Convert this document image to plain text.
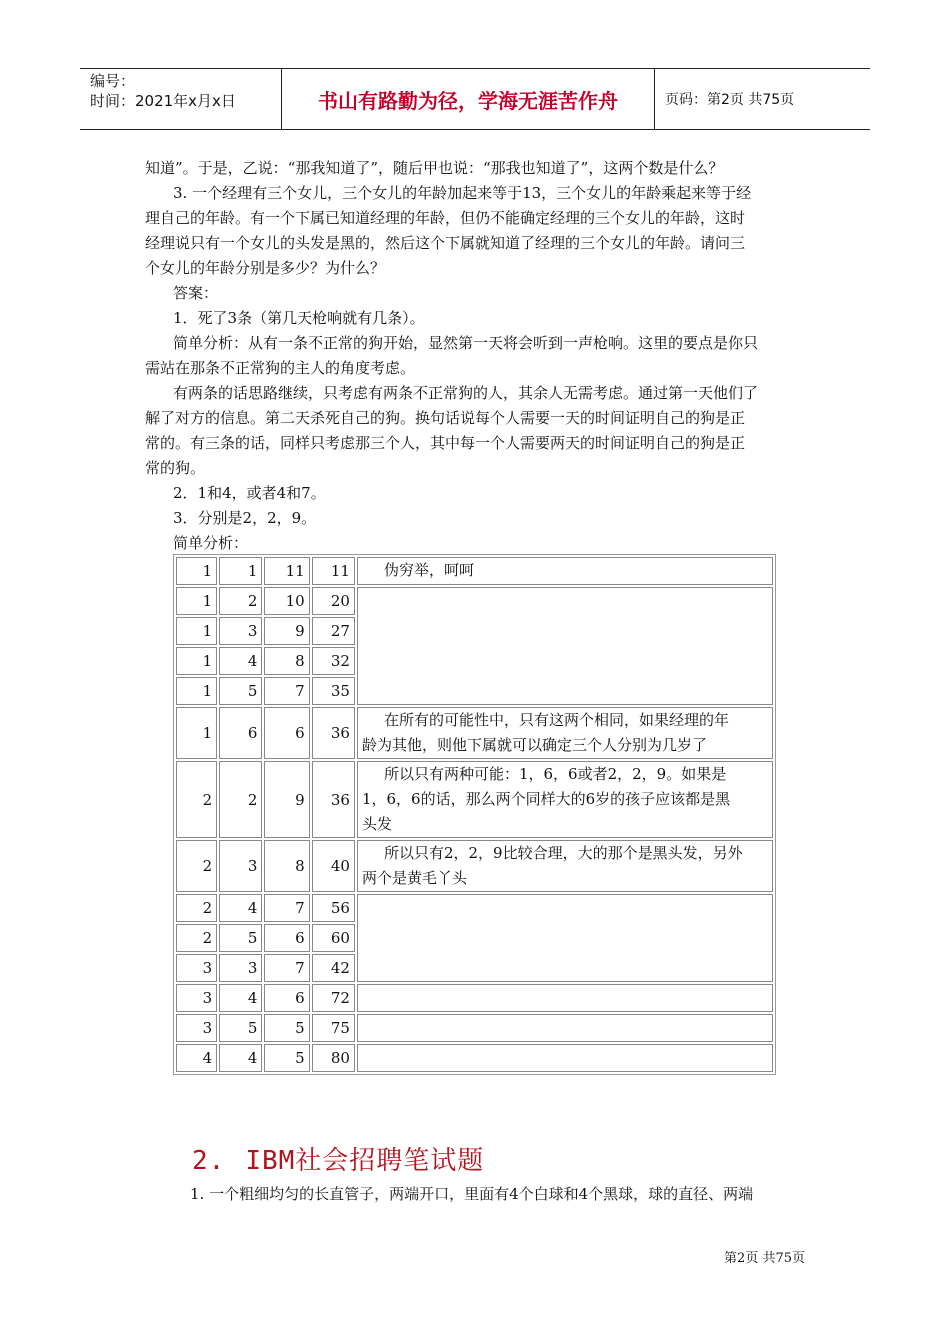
编号：
时间：2021年x月x日	书山有路勤为径，学海无涯苦作舟	页码：第2页 共75页
知道”。于是，乙说：“那我知道了”，随后甲也说：“那我也知道了”，这两个数是什么？
3. 一个经理有三个女儿，三个女儿的年龄加起来等于13，三个女儿的年龄乘起来等于经
理自己的年龄。有一个下属已知道经理的年龄，但仍不能确定经理的三个女儿的年龄，这时
经理说只有一个女儿的头发是黑的，然后这个下属就知道了经理的三个女儿的年龄。请问三
个女儿的年龄分别是多少？为什么？
答案：
1．死了3条（第几天枪响就有几条）。
简单分析：从有一条不正常的狗开始，显然第一天将会听到一声枪响。这里的要点是你只
需站在那条不正常狗的主人的角度考虑。
有两条的话思路继续，只考虑有两条不正常狗的人，其余人无需考虑。通过第一天他们了
解了对方的信息。第二天杀死自己的狗。换句话说每个人需要一天的时间证明自己的狗是正
常的。有三条的话，同样只考虑那三个人，其中每一个人需要两天的时间证明自己的狗是正
常的狗。
2．1和4，或者4和7。
3．分别是2，2，9。
简单分析：
1	1	11	11	伪穷举，呵呵

1	2	10	20	
1	3	9	27	
1	4	8	32	
1	5	7	35	
1	6	6	36	在所有的可能性中，只有这两个相同，如果经理的年
龄为其他，则他下属就可以确定三个人分别为几岁了
2	2	9	36	所以只有两种可能：1，6，6或者2，2，9。如果是
1，6，6的话，那么两个同样大的6岁的孩子应该都是黑
头发
2	3	8	40	所以只有2，2，9比较合理，大的那个是黑头发，另外
两个是黄毛丫头
2	4	7	56	
2	5	6	60	
3	3	7	42	
3	4	6	72	
3	5	5	75	
4	4	5	80	
2. IBM社会招聘笔试题
1. 一个粗细均匀的长直管子，两端开口，里面有4个白球和4个黑球，球的直径、两端
第2页 共75页
